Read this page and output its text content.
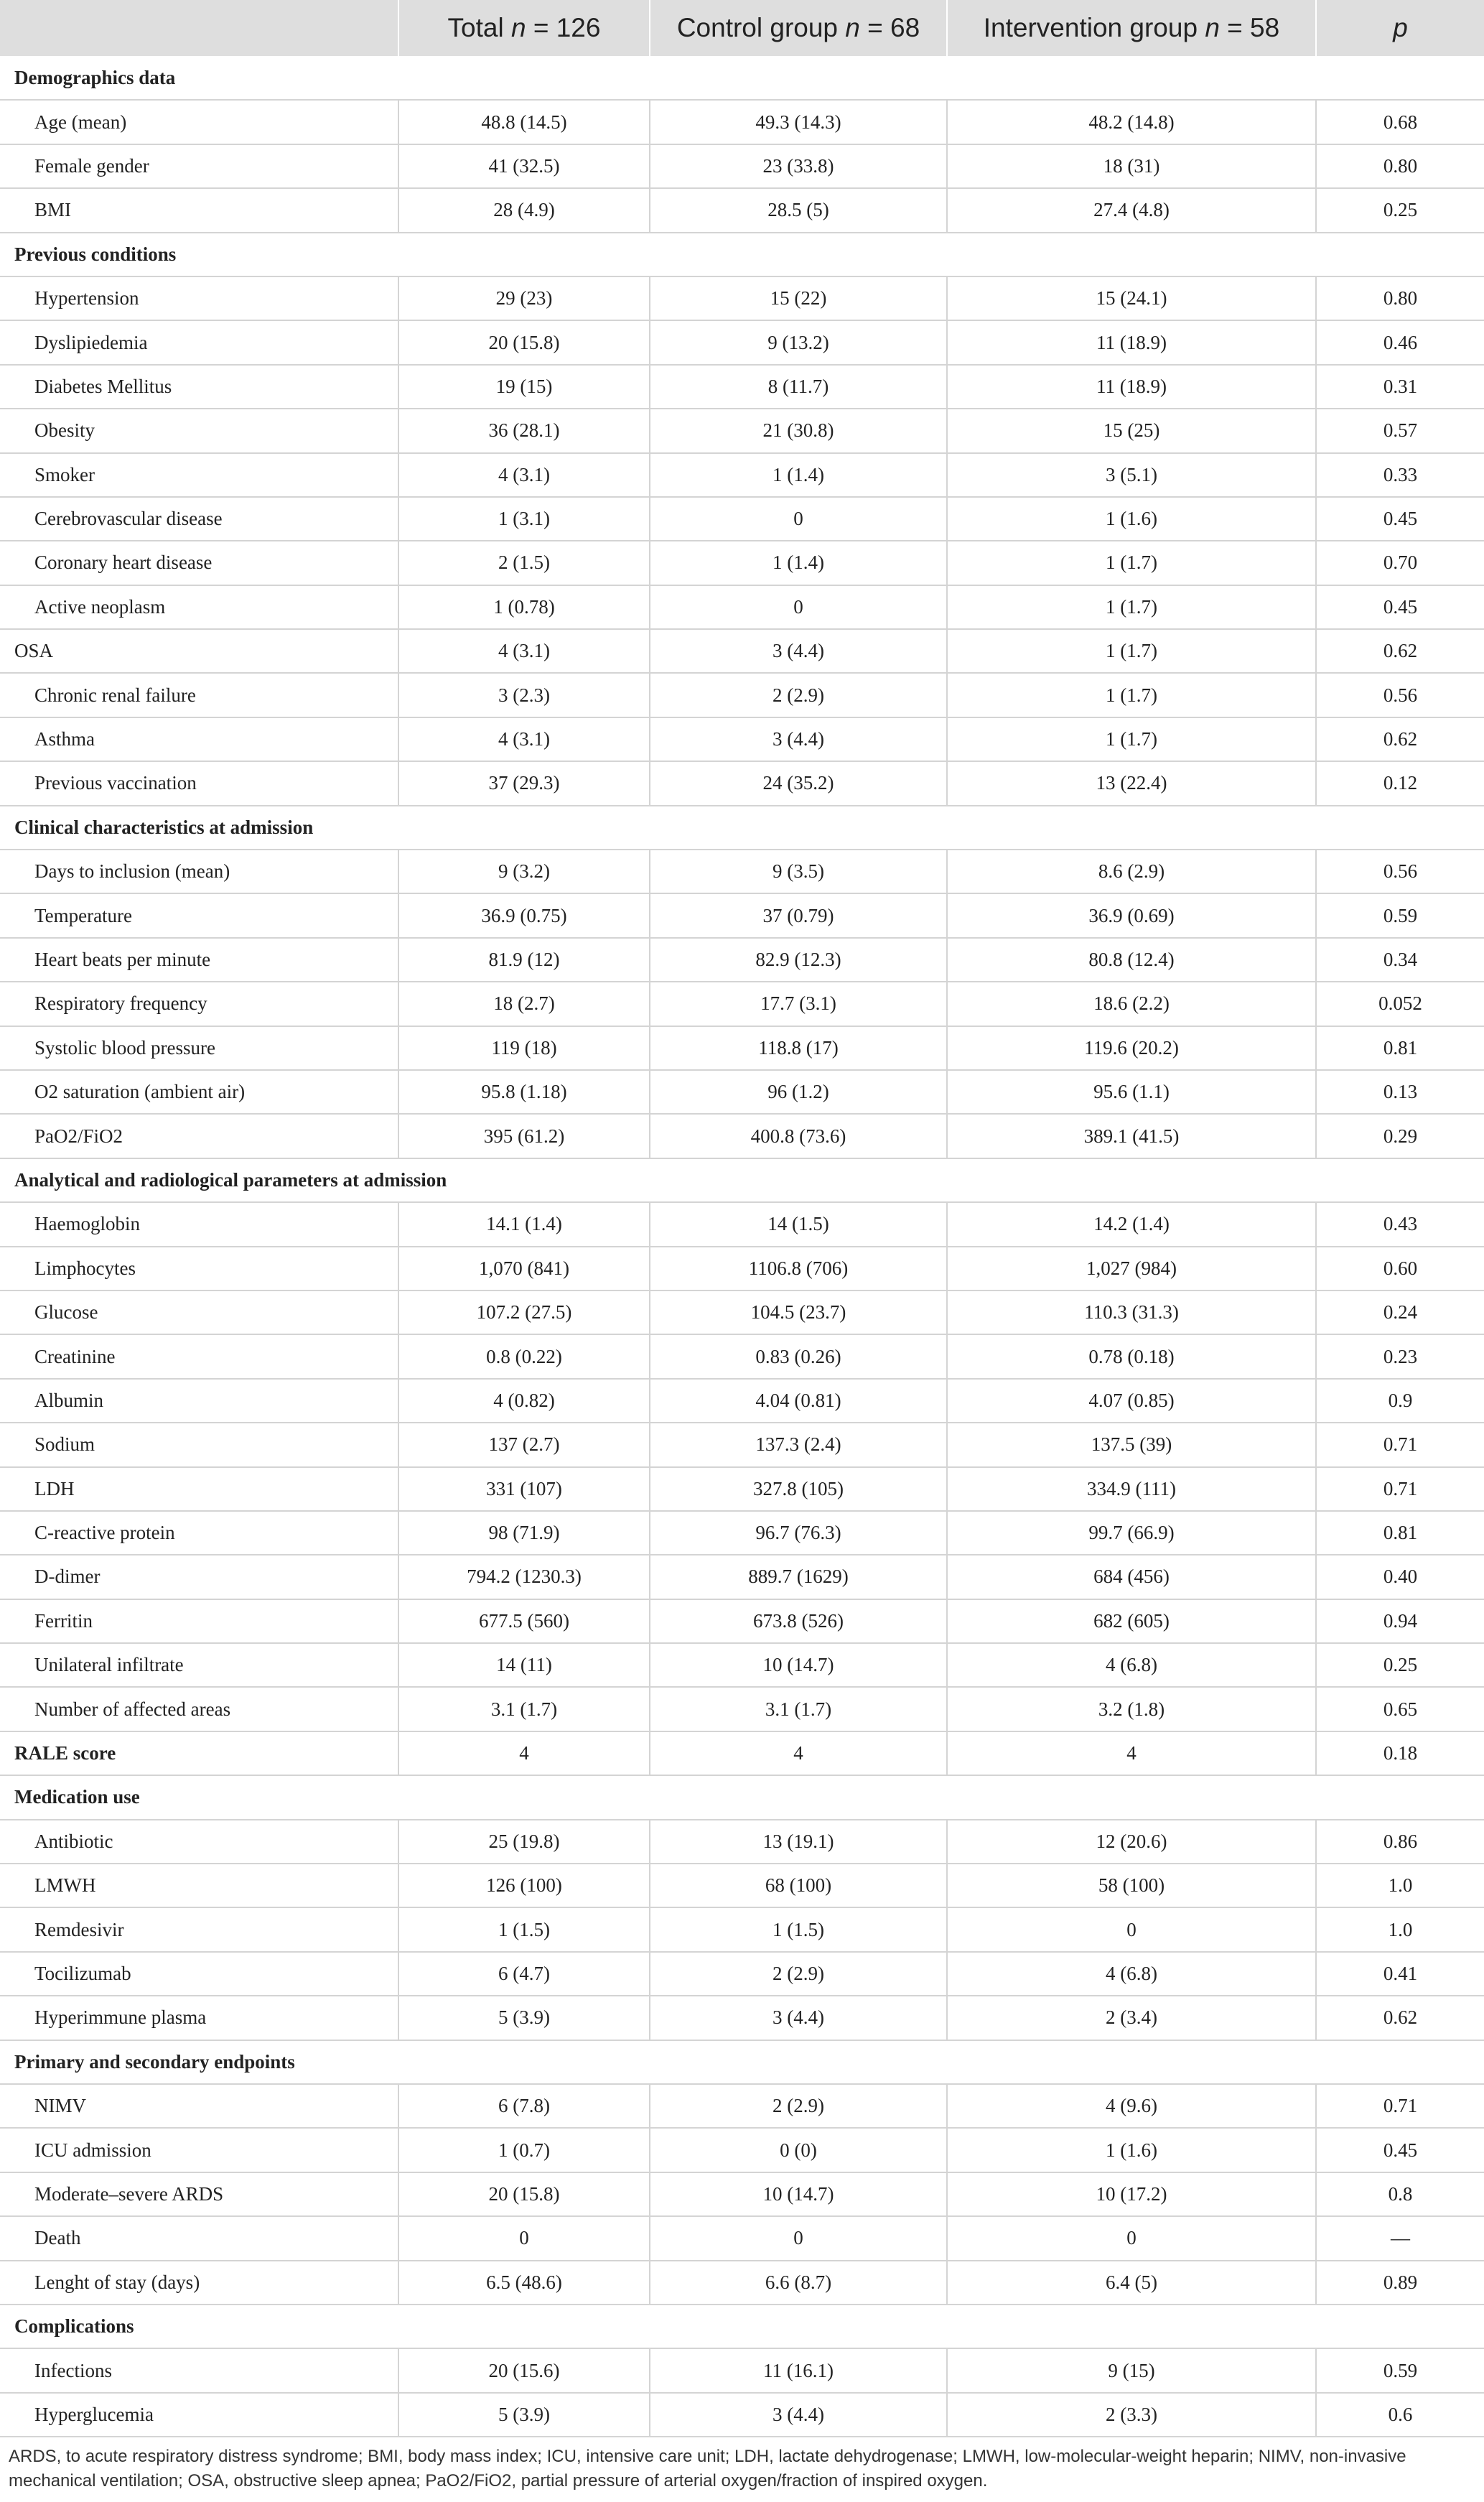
	Total n = 126	Control group n = 68	Intervention group n = 58	p
Demographics data				
Age (mean)	48.8 (14.5)	49.3 (14.3)	48.2 (14.8)	0.68
Female gender	41 (32.5)	23 (33.8)	18 (31)	0.80
BMI	28 (4.9)	28.5 (5)	27.4 (4.8)	0.25
Previous conditions				
Hypertension	29 (23)	15 (22)	15 (24.1)	0.80
Dyslipiedemia	20 (15.8)	9 (13.2)	11 (18.9)	0.46
Diabetes Mellitus	19 (15)	8 (11.7)	11 (18.9)	0.31
Obesity	36 (28.1)	21 (30.8)	15 (25)	0.57
Smoker	4 (3.1)	1 (1.4)	3 (5.1)	0.33
Cerebrovascular disease	1 (3.1)	0	1 (1.6)	0.45
Coronary heart disease	2 (1.5)	1 (1.4)	1 (1.7)	0.70
Active neoplasm	1 (0.78)	0	1 (1.7)	0.45
OSA	4 (3.1)	3 (4.4)	1 (1.7)	0.62
Chronic renal failure	3 (2.3)	2 (2.9)	1 (1.7)	0.56
Asthma	4 (3.1)	3 (4.4)	1 (1.7)	0.62
Previous vaccination	37 (29.3)	24 (35.2)	13 (22.4)	0.12
Clinical characteristics at admission				
Days to inclusion (mean)	9 (3.2)	9 (3.5)	8.6 (2.9)	0.56
Temperature	36.9 (0.75)	37 (0.79)	36.9 (0.69)	0.59
Heart beats per minute	81.9 (12)	82.9 (12.3)	80.8 (12.4)	0.34
Respiratory frequency	18 (2.7)	17.7 (3.1)	18.6 (2.2)	0.052
Systolic blood pressure	119 (18)	118.8 (17)	119.6 (20.2)	0.81
O2 saturation (ambient air)	95.8 (1.18)	96 (1.2)	95.6 (1.1)	0.13
PaO2/FiO2	395 (61.2)	400.8 (73.6)	389.1 (41.5)	0.29
Analytical and radiological parameters at admission				
Haemoglobin	14.1 (1.4)	14 (1.5)	14.2 (1.4)	0.43
Limphocytes	1,070 (841)	1106.8 (706)	1,027 (984)	0.60
Glucose	107.2 (27.5)	104.5 (23.7)	110.3 (31.3)	0.24
Creatinine	0.8 (0.22)	0.83 (0.26)	0.78 (0.18)	0.23
Albumin	4 (0.82)	4.04 (0.81)	4.07 (0.85)	0.9
Sodium	137 (2.7)	137.3 (2.4)	137.5 (39)	0.71
LDH	331 (107)	327.8 (105)	334.9 (111)	0.71
C-reactive protein	98 (71.9)	96.7 (76.3)	99.7 (66.9)	0.81
D-dimer	794.2 (1230.3)	889.7 (1629)	684 (456)	0.40
Ferritin	677.5 (560)	673.8 (526)	682 (605)	0.94
Unilateral infiltrate	14 (11)	10 (14.7)	4 (6.8)	0.25
Number of affected areas	3.1 (1.7)	3.1 (1.7)	3.2 (1.8)	0.65
RALE score	4	4	4	0.18
Medication use				
Antibiotic	25 (19.8)	13 (19.1)	12 (20.6)	0.86
LMWH	126 (100)	68 (100)	58 (100)	1.0
Remdesivir	1 (1.5)	1 (1.5)	0	1.0
Tocilizumab	6 (4.7)	2 (2.9)	4 (6.8)	0.41
Hyperimmune plasma	5 (3.9)	3 (4.4)	2 (3.4)	0.62
Primary and secondary endpoints				
NIMV	6 (7.8)	2 (2.9)	4 (9.6)	0.71
ICU admission	1 (0.7)	0 (0)	1 (1.6)	0.45
Moderate–severe ARDS	20 (15.8)	10 (14.7)	10 (17.2)	0.8
Death	0	0	0	—
Lenght of stay (days)	6.5 (48.6)	6.6 (8.7)	6.4 (5)	0.89
Complications				
Infections	20 (15.6)	11 (16.1)	9 (15)	0.59
Hyperglucemia	5 (3.9)	3 (4.4)	2 (3.3)	0.6
ARDS, to acute respiratory distress syndrome; BMI, body mass index; ICU, intensive care unit; LDH, lactate dehydrogenase; LMWH, low-molecular-weight heparin; NIMV, non-invasive
mechanical ventilation; OSA, obstructive sleep apnea; PaO2/FiO2, partial pressure of arterial oxygen/fraction of inspired oxygen.
